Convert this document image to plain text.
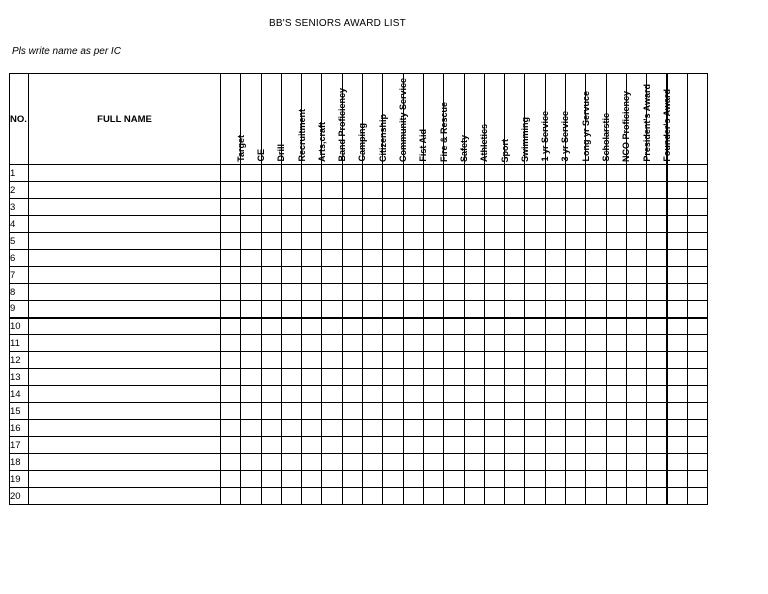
BB'S SENIORS AWARD LIST
Pls write name as per IC
NO.	FULL NAME	Target	CE	Drill	Recruitment	Arts,craft	Band Proficiency	Camping	Citizenship	Community Service	Fist Aid	Fire & Rescue	Safety	Athletics	Sport	Swimming	1 yr Service	3 yr Service	Long yr Servuce	Scholarstic	NCO Proficiency	President's Award	Founder's Award		

1																									
2																									
3																									
4																									
5																									
6																									
7																									
8																									
9																									
10																									
11																									
12																									
13																									
14																									
15																									
16																									
17																									
18																									
19																									
20																									
